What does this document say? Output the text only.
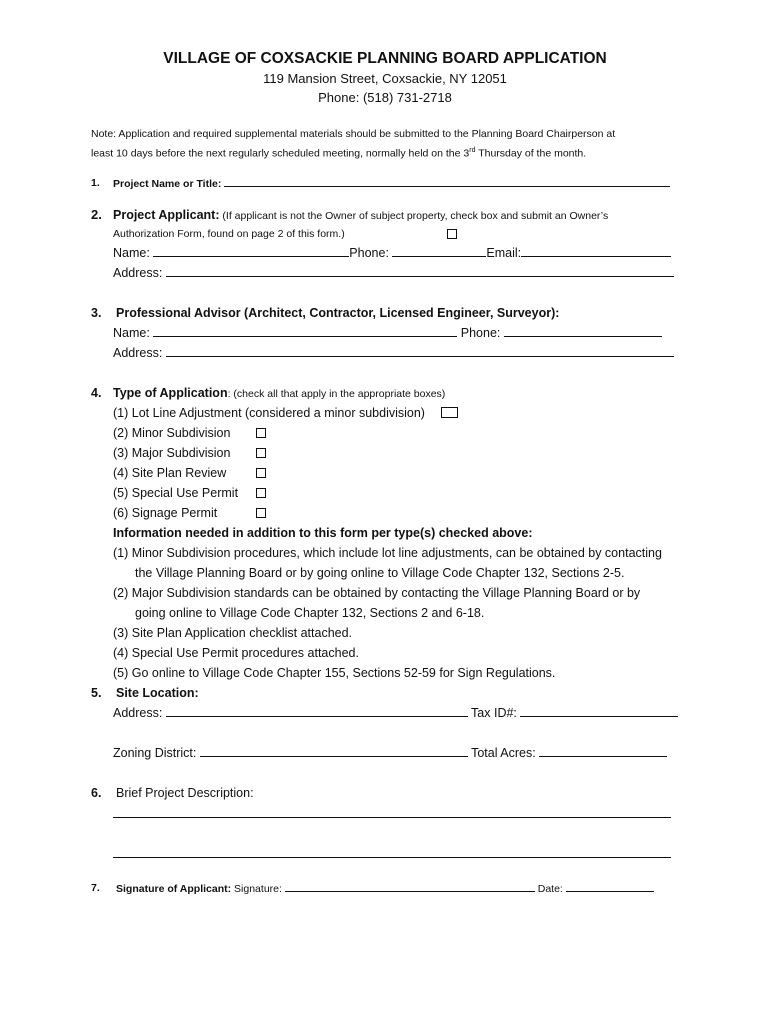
VILLAGE OF COXSACKIE PLANNING BOARD APPLICATION
119 Mansion Street, Coxsackie, NY 12051
Phone: (518) 731-2718
Note: Application and required supplemental materials should be submitted to the Planning Board Chairperson at
least 10 days before the next regularly scheduled meeting, normally held on the 3rd Thursday of the month.
1. Project Name or Title:
2. Project Applicant: (If applicant is not the Owner of subject property, check box and submit an Owner’s
Authorization Form, found on page 2 of this form.)
Name:	Phone:	Email:
Address:
3. Professional Advisor (Architect, Contractor, Licensed Engineer, Surveyor):
Name:	Phone:
Address:
4. Type of Application: (check all that apply in the appropriate boxes)
(1) Lot Line Adjustment (considered a minor subdivision)
(2) Minor Subdivision
(3) Major Subdivision
(4) Site Plan Review
(5) Special Use Permit
(6) Signage Permit
Information needed in addition to this form per type(s) checked above:
(1) Minor Subdivision procedures, which include lot line adjustments, can be obtained by contacting
the Village Planning Board or by going online to Village Code Chapter 132, Sections 2-5.
(2) Major Subdivision standards can be obtained by contacting the Village Planning Board or by
going online to Village Code Chapter 132, Sections 2 and 6-18.
(3) Site Plan Application checklist attached.
(4) Special Use Permit procedures attached.
(5) Go online to Village Code Chapter 155, Sections 52-59 for Sign Regulations.
5. Site Location:
Address:	Tax ID#:
Zoning District:	Total Acres:
6. Brief Project Description:
7. Signature of Applicant: Signature:	Date:
